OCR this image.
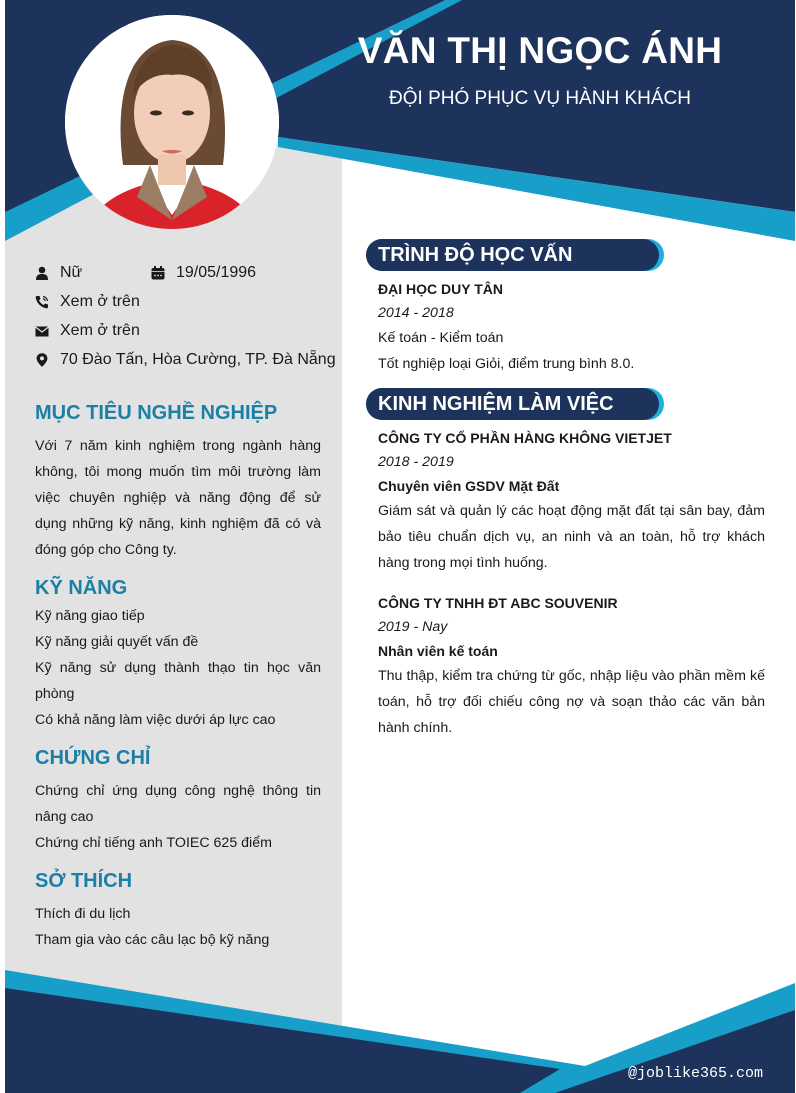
VĂN THỊ NGỌC ÁNH
ĐỘI PHÓ PHỤC VỤ HÀNH KHÁCH
Nữ	19/05/1996
Xem ở trên
Xem ở trên
70 Đào Tấn, Hòa Cường, TP. Đà Nẵng
MỤC TIÊU NGHỀ NGHIỆP
Với 7 năm kinh nghiệm trong ngành hàng không, tôi mong muốn tìm môi trường làm việc chuyên nghiệp và năng động để sử dụng những kỹ năng, kinh nghiệm đã có và đóng góp cho Công ty.
KỸ NĂNG
Kỹ năng giao tiếp
Kỹ năng giải quyết vấn đề
Kỹ năng sử dụng thành thạo tin học văn phòng
Có khả năng làm việc dưới áp lực cao
CHỨNG CHỈ
Chứng chỉ ứng dụng công nghệ thông tin nâng cao
Chứng chỉ tiếng anh TOIEC 625 điểm
SỞ THÍCH
Thích đi du lịch
Tham gia vào các câu lạc bộ kỹ năng
TRÌNH ĐỘ HỌC VẤN
ĐẠI HỌC DUY TÂN
2014 - 2018
Kế toán - Kiểm toán
Tốt nghiệp loại Giỏi, điểm trung bình 8.0.
KINH NGHIỆM LÀM VIỆC
CÔNG TY CỔ PHẦN HÀNG KHÔNG VIETJET
2018 - 2019
Chuyên viên GSDV Mặt Đất
Giám sát và quản lý các hoạt động mặt đất tại sân bay, đảm bảo tiêu chuẩn dịch vụ, an ninh và an toàn, hỗ trợ khách hàng trong mọi tình huống.
CÔNG TY TNHH ĐT ABC SOUVENIR
2019 - Nay
Nhân viên kế toán
Thu thập, kiểm tra chứng từ gốc, nhập liệu vào phần mềm kế toán, hỗ trợ đối chiếu công nợ và soạn thảo các văn bản hành chính.
@joblike365.com
